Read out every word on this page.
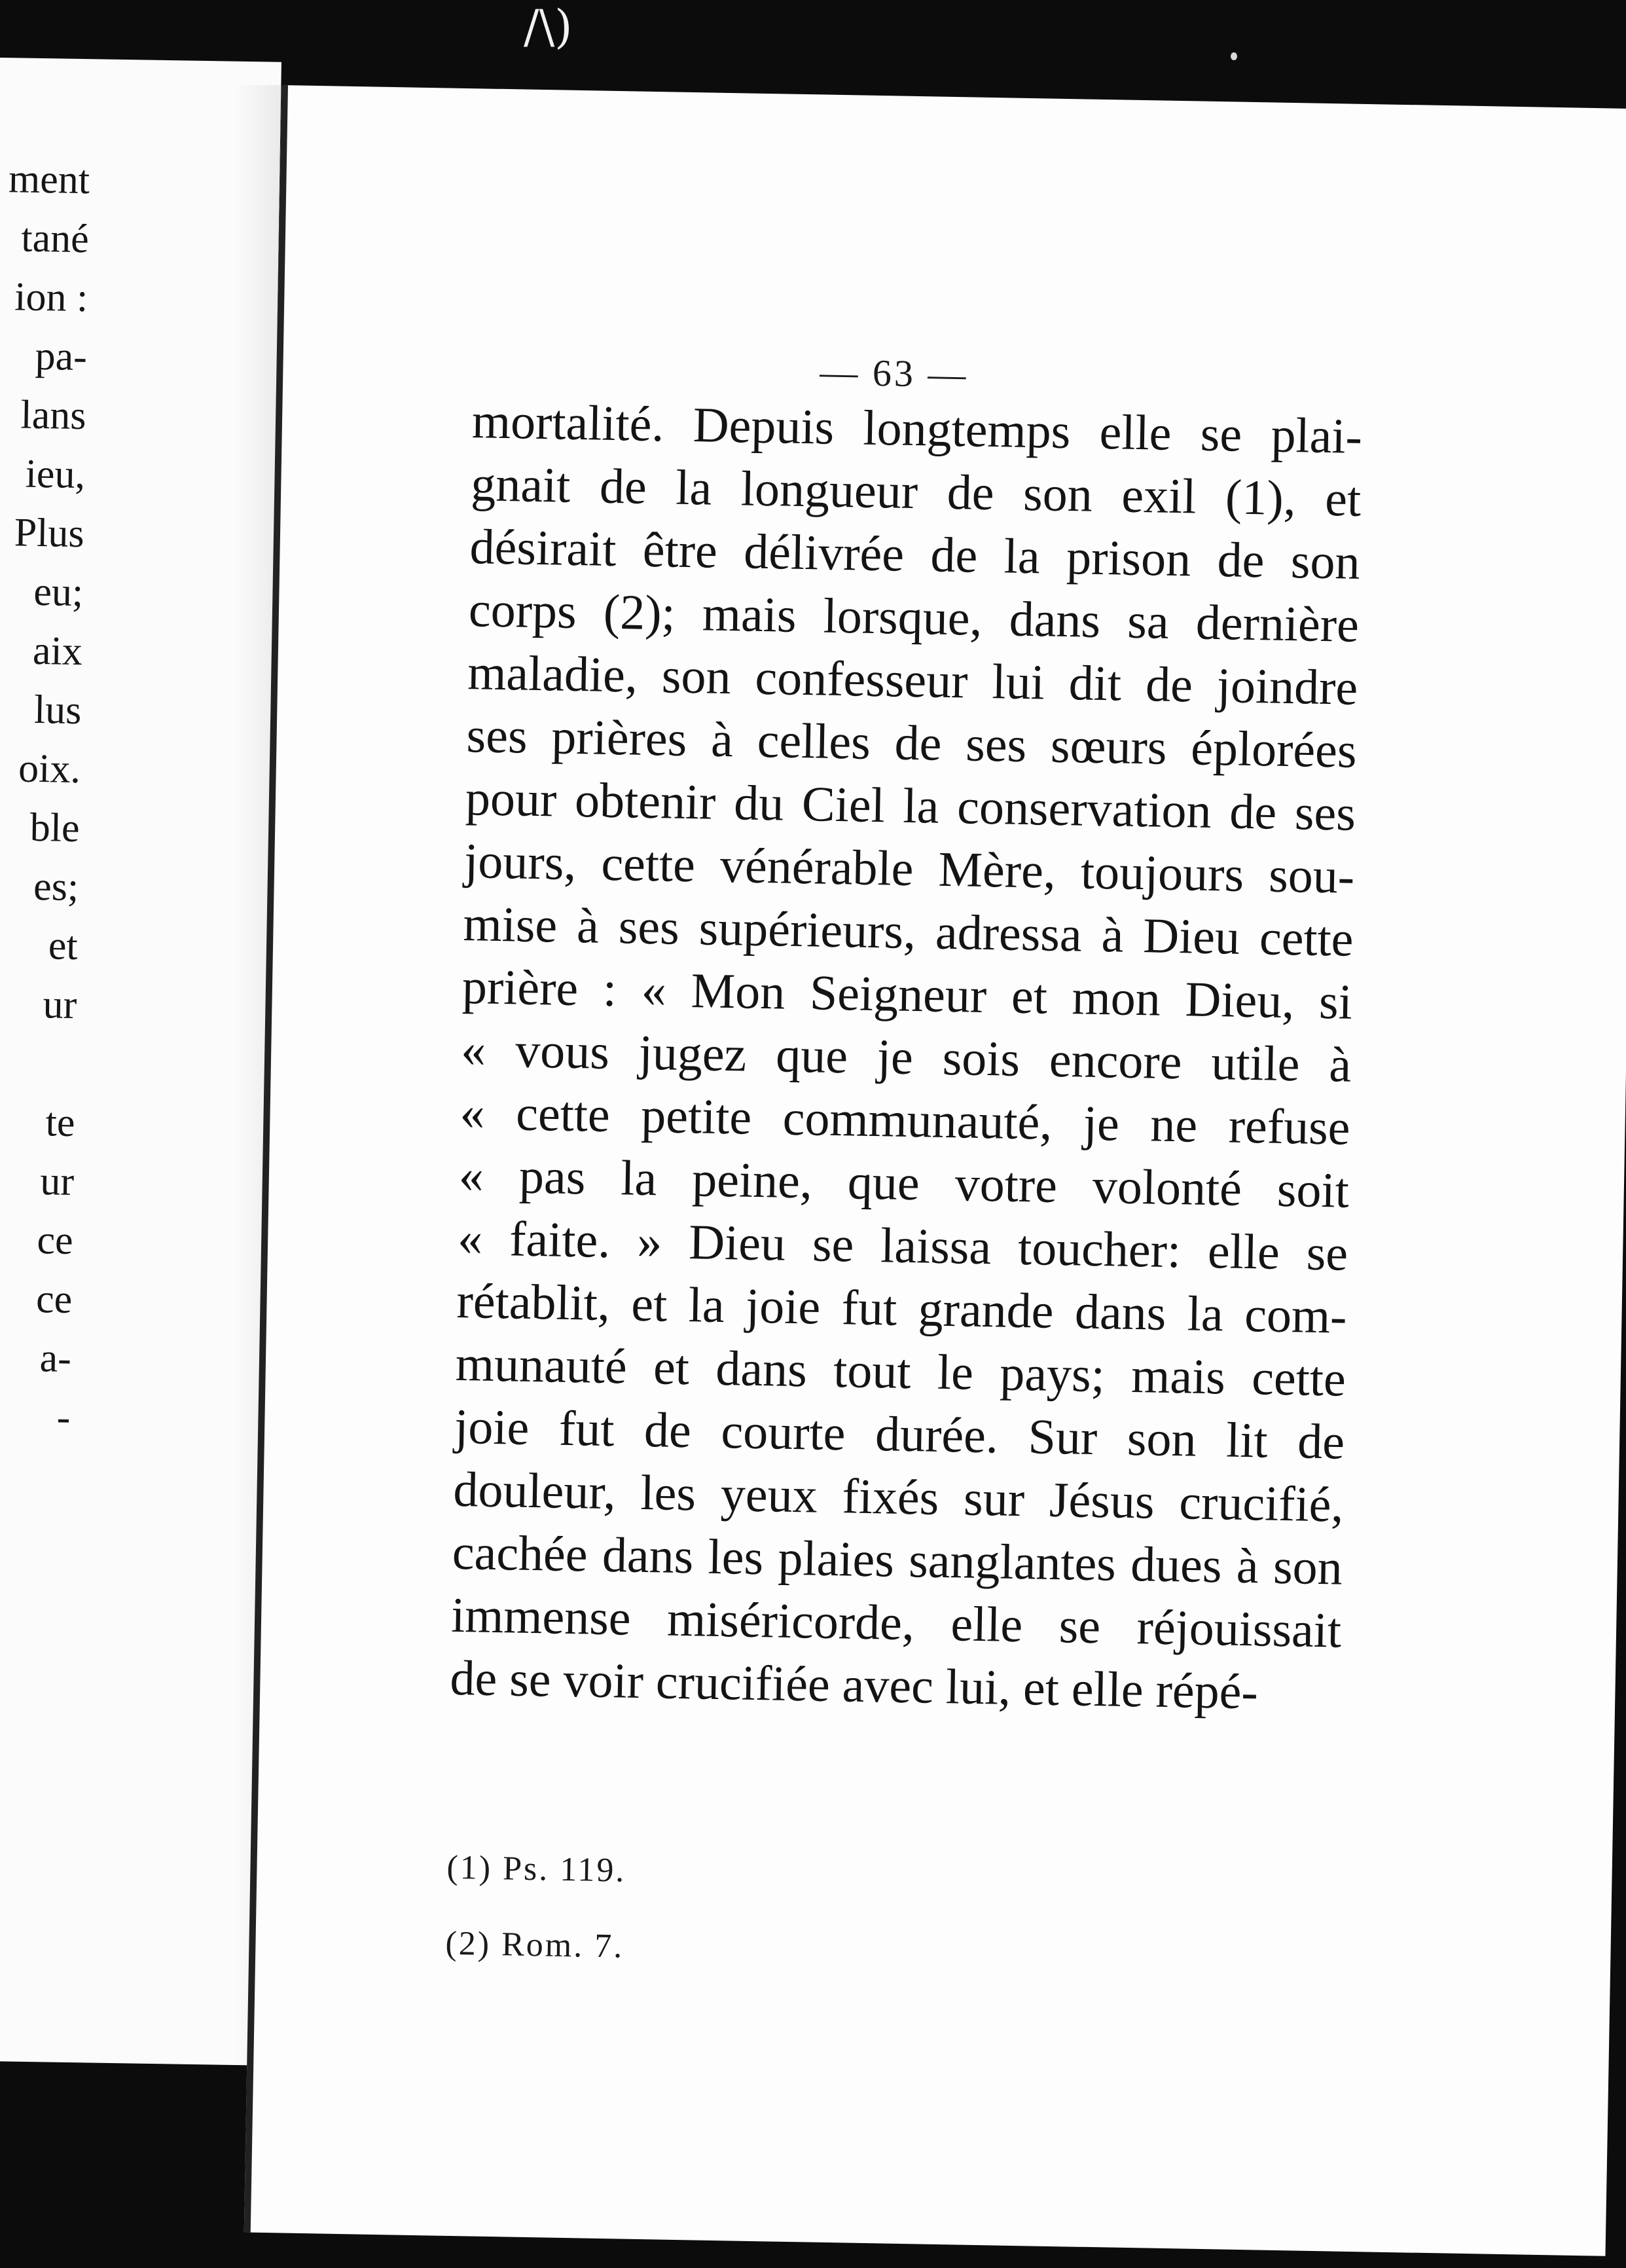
/\)
ment
tané
ion :
pa-
lans
ieu,
Plus
eu;
aix
lus
oix.
ble
es;
et
ur
te
ur
ce
ce
a-
-
— 63 —
mortalité. Depuis longtemps elle se plai-
gnait de la longueur de son exil (1), et
désirait être délivrée de la prison de son
corps (2); mais lorsque, dans sa dernière
maladie, son confesseur lui dit de joindre
ses prières à celles de ses sœurs éplorées
pour obtenir du Ciel la conservation de ses
jours, cette vénérable Mère, toujours sou-
mise à ses supérieurs, adressa à Dieu cette
prière : « Mon Seigneur et mon Dieu, si
« vous jugez que je sois encore utile à
« cette petite communauté, je ne refuse
« pas la peine, que votre volonté soit
« faite. » Dieu se laissa toucher: elle se
rétablit, et la joie fut grande dans la com-
munauté et dans tout le pays; mais cette
joie fut de courte durée. Sur son lit de
douleur, les yeux fixés sur Jésus crucifié,
cachée dans les plaies sanglantes dues à son
immense miséricorde, elle se réjouissait
de se voir crucifiée avec lui, et elle répé-
(1) Ps. 119.
(2) Rom. 7.
